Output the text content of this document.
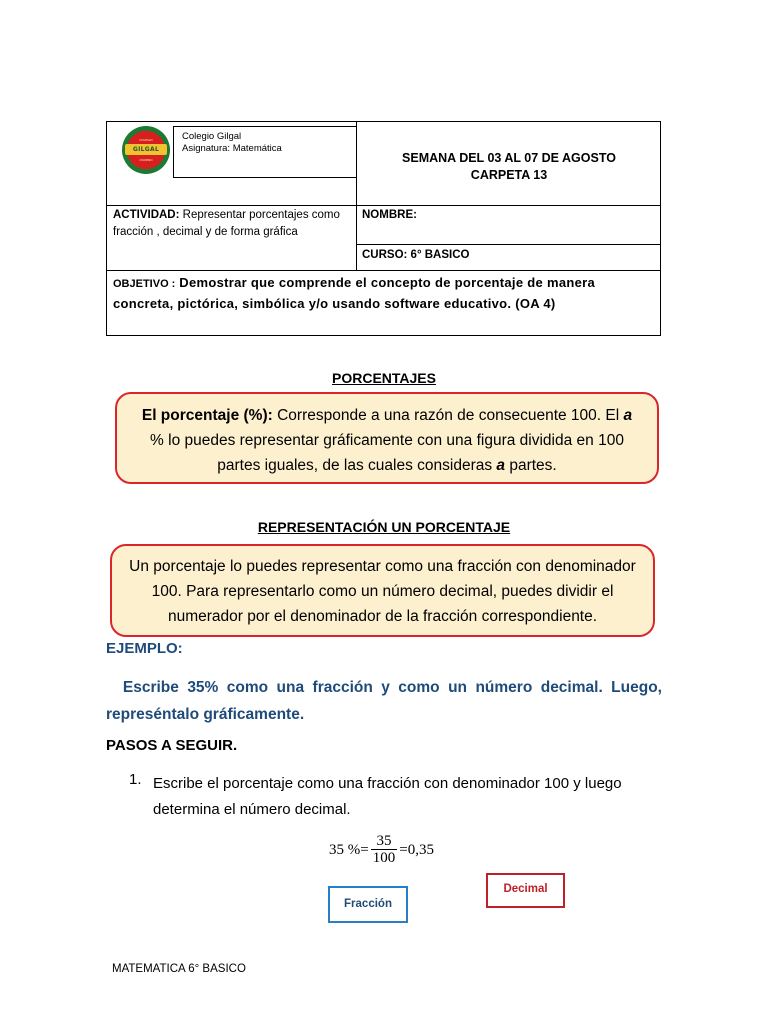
COLEGIO
GILGAL
OSORNO
Colegio Gilgal
Asignatura: Matemática
SEMANA DEL 03 AL 07 DE AGOSTO
CARPETA 13
ACTIVIDAD: Representar porcentajes como fracción , decimal y de forma gráfica
NOMBRE:
CURSO: 6° BASICO
OBJETIVO : Demostrar que comprende el concepto de porcentaje de manera concreta, pictórica, simbólica y/o usando software educativo. (OA 4)
PORCENTAJES
El porcentaje (%): Corresponde a una razón de consecuente 100. El a % lo puedes representar gráficamente con una figura dividida en 100 partes iguales, de las cuales consideras a partes.
REPRESENTACIÓN UN PORCENTAJE
Un porcentaje lo puedes representar como una fracción con denominador 100. Para representarlo como un número decimal, puedes dividir el numerador por el denominador de la fracción correspondiente.
EJEMPLO:
Escribe 35% como una fracción y como un número decimal. Luego, represéntalo gráficamente.
PASOS A SEGUIR.
1. Escribe el porcentaje como una fracción con denominador 100 y luego determina el número decimal.
35 % = $\frac{35}{100} = 0,35$
Fracción
Decimal
MATEMATICA 6° BASICO
